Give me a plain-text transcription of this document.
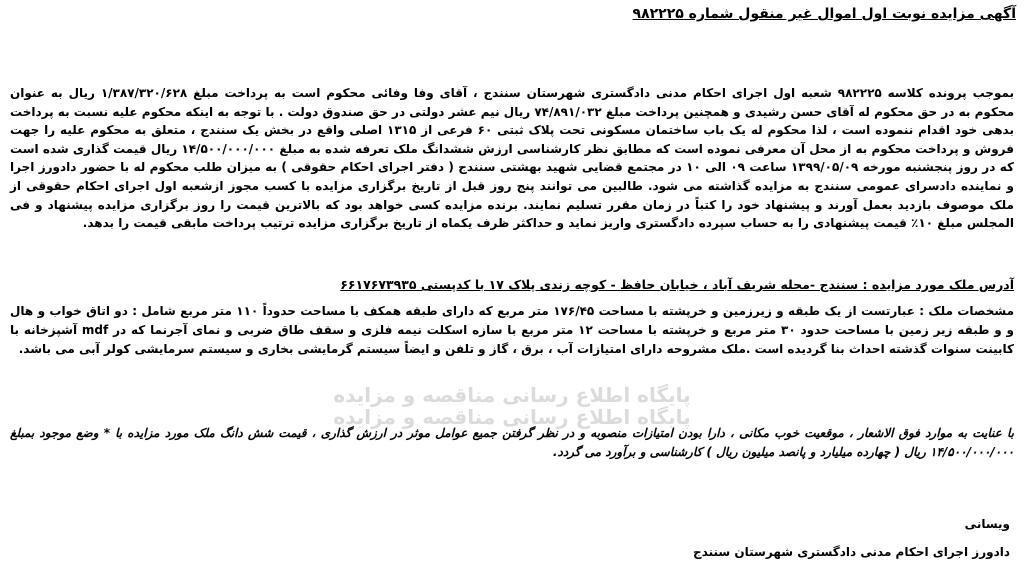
آگهی مزایده نوبت اول اموال غیر منقول شماره ۹۸۲۲۲۵

بموجب پرونده کلاسه ۹۸۲۲۲۵ شعبه اول اجرای احکام مدنی دادگستری شهرستان سنندج ، آقای وفا وفائی محکوم است به پرداخت مبلغ ۱/۳۸۷/۳۲۰/۶۲۸ ریال به عنوان محکوم به در حق محکوم له آقای حسن رشیدی و همچنین پرداخت مبلغ ۷۴/۸۹۱/۰۳۲ ریال نیم عشر دولتی در حق صندوق دولت . با توجه به اینکه محکوم علیه نسبت به پرداخت بدهی خود اقدام ننموده است ، لذا محکوم له یک باب ساختمان مسکونی تحت پلاک ثبتی ۶۰ فرعی از ۱۳۱۵ اصلی واقع در بخش یک سنندج ، متعلق به محکوم علیه را جهت فروش و پرداخت محکوم به از محل آن معرفی نموده است که مطابق نظر کارشناسی ارزش ششدانگ ملک تعرفه شده به مبلغ ۱۴/۵۰۰/۰۰۰/۰۰۰ ریال قیمت گذاری شده است که در روز پنجشنبه مورخه ۱۳۹۹/۰۵/۰۹ ساعت ۰۹ الی ۱۰ در مجتمع قضایی شهید بهشتی سنندج ( دفتر اجرای احکام حقوقی ) به میزان طلب محکوم له با حضور دادورز اجرا و نماینده دادسرای عمومی سنندج به مزایده گذاشته می شود. طالبین می توانند پنج روز قبل از تاریخ برگزاری مزایده با کسب مجوز ازشعبه اول اجرای احکام حقوقی از ملک موصوف بازدید بعمل آورند و پیشنهاد خود را کتباً در زمان مقرر تسلیم نمایند. برنده مزایده کسی خواهد بود که بالاترین قیمت را روز برگزاری مزایده پیشنهاد و فی المجلس مبلغ ۱۰٪ قیمت پیشنهادی را به حساب سپرده دادگستری واریز نماید و حداکثر ظرف یکماه از تاریخ برگزاری مزایده ترتیب پرداخت مابقی قیمت را بدهد.

آدرس ملک مورد مزایده : سنندج -محله شریف آباد ، خیابان حافظ - کوچه زندی پلاک ۱۷ با کدپستی ۶۶۱۷۶۷۳۹۳۵

مشخصات ملک : عبارتست از یک طبقه و زیرزمین و خرپشته با مساحت ۱۷۶/۴۵ متر مربع که دارای طبقه همکف با مساحت حدوداً ۱۱۰ متر مربع شامل : دو اتاق خواب و هال و و طبقه زیر زمین با مساحت حدود ۳۰ متر مربع و خرپشته با مساحت ۱۲ متر مربع با سازه اسکلت نیمه فلزی و سقف طاق ضربی و نمای آجرنما که در mdf آشپزخانه با کابینت سنوات گذشته احداث بنا گردیده است .ملک مشروحه دارای امتیازات آب ، برق ، گاز و تلفن و ایضاً سیستم گرمایشی بخاری و سیستم سرمایشی کولر آبی می باشد.

پایگاه اطلاع رسانی مناقصه و مزایده
پایگاه اطلاع رسانی مناقصه و مزایده

با عنایت به موارد فوق الاشعار ، موقعیت خوب مکانی ، دارا بودن امتیازات منصوبه و در نظر گرفتن جمیع عوامل موثر در ارزش گذاری ، قیمت شش دانگ ملک مورد مزایده با * وضع موجود بمبلغ ۱۴/۵۰۰/۰۰۰/۰۰۰ ریال ( چهارده میلیارد و پانصد میلیون ریال ) کارشناسی و برآورد می گردد.

ویسانی
دادورز اجرای احکام مدنی دادگستری شهرستان سنندج
